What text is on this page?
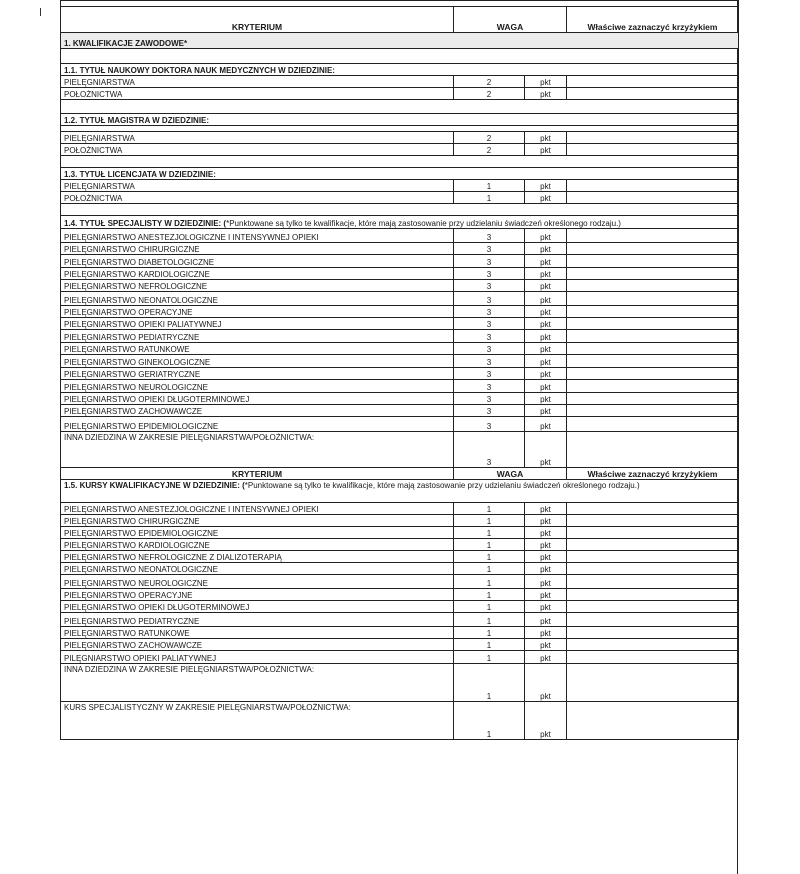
KRYTERIUM	WAGA		Właściwe zaznaczyć krzyżykiem
1. KWALIFIKACJE ZAWODOWE*			

1.1. TYTUŁ NAUKOWY DOKTORA NAUK MEDYCZNYCH W DZIEDZINIE:			
PIELĘGNIARSTWA	2	pkt	
POŁOŻNICTWA	2	pkt	

1.2. TYTUŁ MAGISTRA W DZIEDZINIE:			

PIELĘGNIARSTWA	2	pkt	
POŁOŻNICTWA	2	pkt	

1.3. TYTUŁ LICENCJATA W DZIEDZINIE:			
PIELĘGNIARSTWA	1	pkt	
POŁOŻNICTWA	1	pkt	

1.4. TYTUŁ SPECJALISTY W DZIEDZINIE: (*Punktowane są tylko te kwalifikacje, które mają zastosowanie przy udzielaniu świadczeń określonego rodzaju.)			
PIELĘGNIARSTWO ANESTEZJOLOGICZNE I INTENSYWNEJ OPIEKI	3	pkt	
PIELĘGNIARSTWO CHIRURGICZNE	3	pkt	
PIELĘGNIARSTWO DIABETOLOGICZNE	3	pkt	
PIELĘGNIARSTWO KARDIOLOGICZNE	3	pkt	
PIELĘGNIARSTWO NEFROLOGICZNE	3	pkt	
PIELĘGNIARSTWO NEONATOLOGICZNE	3	pkt	
PIELĘGNIARSTWO OPERACYJNE	3	pkt	
PIELĘGNIARSTWO OPIEKI PALIATYWNEJ	3	pkt	
PIELĘGNIARSTWO PEDIATRYCZNE	3	pkt	
PIELĘGNIARSTWO RATUNKOWE	3	pkt	
PIELĘGNIARSTWO GINEKOLOGICZNE	3	pkt	
PIELĘGNIARSTWO GERIATRYCZNE	3	pkt	
PIELĘGNIARSTWO NEUROLOGICZNE	3	pkt	
PIELĘGNIARSTWO OPIEKI DŁUGOTERMINOWEJ	3	pkt	
PIELĘGNIARSTWO ZACHOWAWCZE	3	pkt	
PIELĘGNIARSTWO EPIDEMIOLOGICZNE	3	pkt	
INNA DZIEDZINA W ZAKRESIE PIELĘGNIARSTWA/POŁOŻNICTWA:	3	pkt	
KRYTERIUM	WAGA		Właściwe zaznaczyć krzyżykiem
1.5. KURSY KWALIFIKACYJNE W DZIEDZINIE: (*Punktowane są tylko te kwalifikacje, które mają zastosowanie przy udzielaniu świadczeń określonego rodzaju.)			
PIELĘGNIARSTWO ANESTEZJOLOGICZNE I INTENSYWNEJ OPIEKI	1	pkt	
PIELĘGNIARSTWO CHIRURGICZNE	1	pkt	
PIELĘGNIARSTWO EPIDEMIOLOGICZNE	1	pkt	
PIELĘGNIARSTWO KARDIOLOGICZNE	1	pkt	
PIELĘGNIARSTWO NEFROLOGICZNE Z DIALIZOTERAPIĄ	1	pkt	
PIELĘGNIARSTWO NEONATOLOGICZNE	1	pkt	
PIELĘGNIARSTWO NEUROLOGICZNE	1	pkt	
PIELĘGNIARSTWO OPERACYJNE	1	pkt	
PIELĘGNIARSTWO OPIEKI DŁUGOTERMINOWEJ	1	pkt	
PIELĘGNIARSTWO PEDIATRYCZNE	1	pkt	
PIELĘGNIARSTWO RATUNKOWE	1	pkt	
PIELĘGNIARSTWO ZACHOWAWCZE	1	pkt	
PILĘGNIARSTWO OPIEKI PALIATYWNEJ	1	pkt	
INNA DZIEDZINA W ZAKRESIE PIELĘGNIARSTWA/POŁOŻNICTWA:	1	pkt	
KURS SPECJALISTYCZNY W ZAKRESIE PIELĘGNIARSTWA/POŁOŻNICTWA:	1	pkt	
